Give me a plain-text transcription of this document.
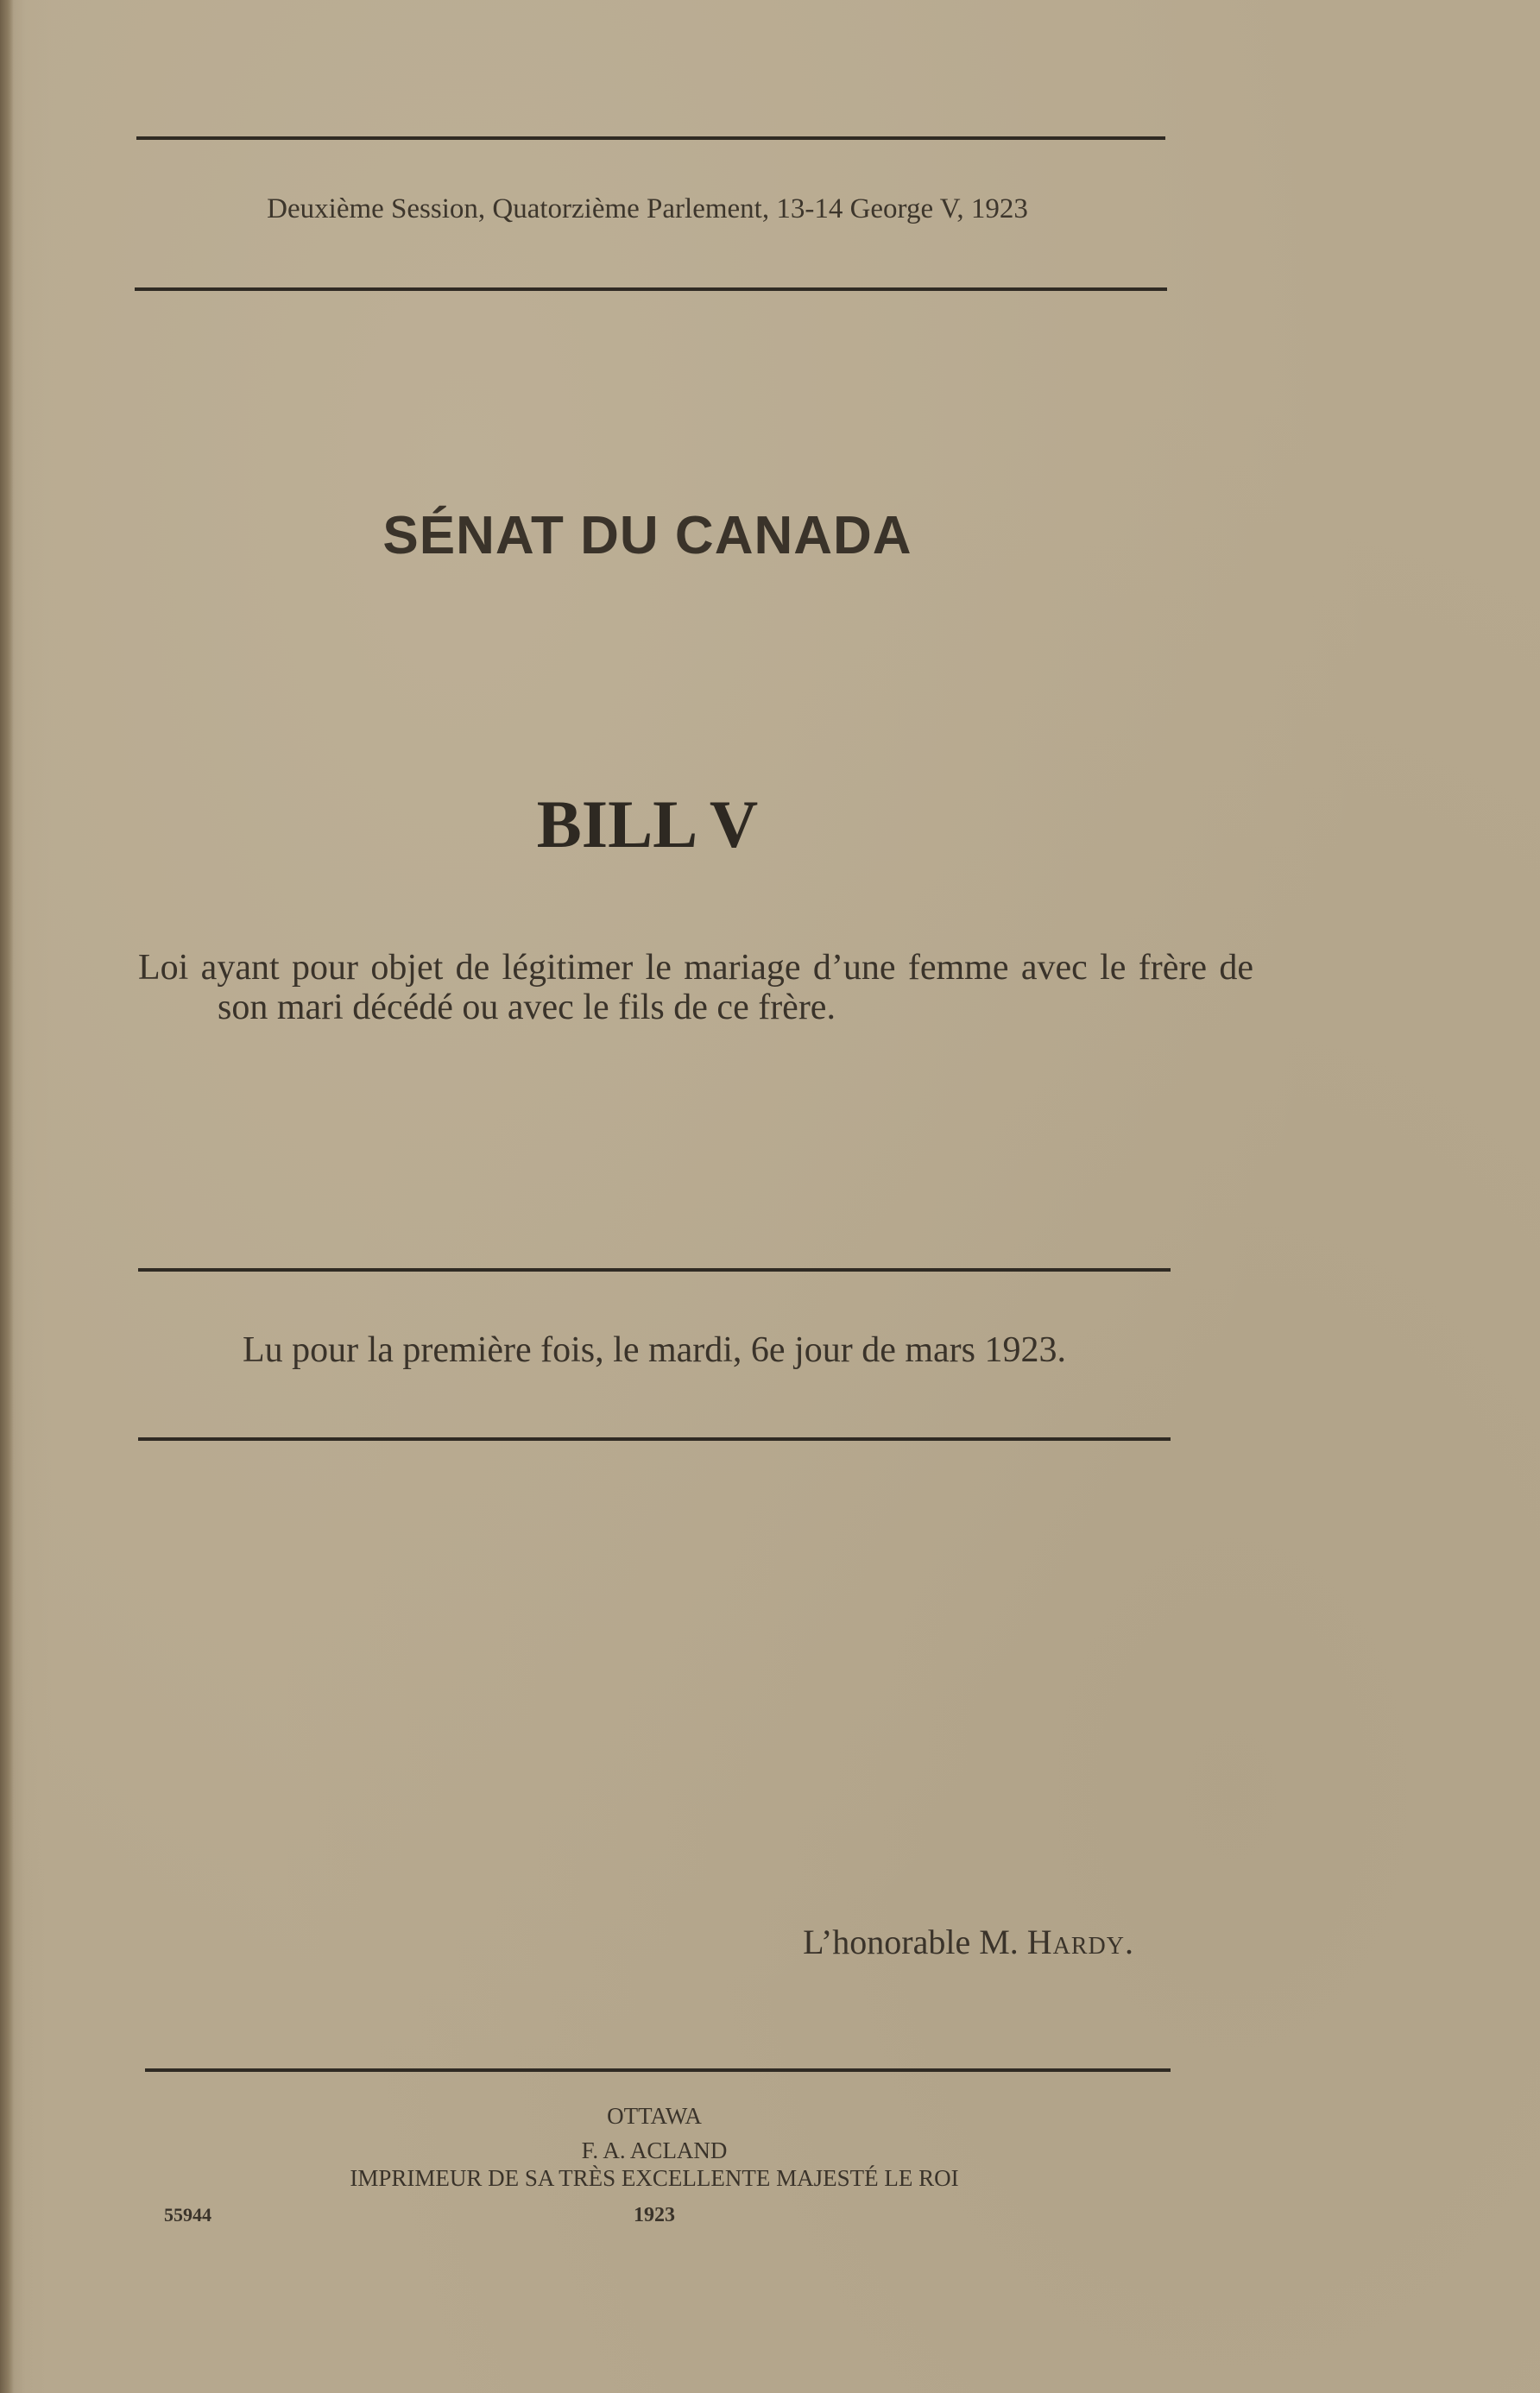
Deuxième Session, Quatorzième Parlement, 13-14 George V, 1923

SÉNAT DU CANADA
BILL V

Loi ayant pour objet de légitimer le mariage d’une femme avec le frère de son mari décédé ou avec le fils de ce frère.

Lu pour la première fois, le mardi, 6e jour de mars 1923.

L’honorable M. Hardy.

OTTAWA

F. A. ACLAND

IMPRIMEUR DE SA TRÈS EXCELLENTE MAJESTÉ LE ROI

1923

55944
